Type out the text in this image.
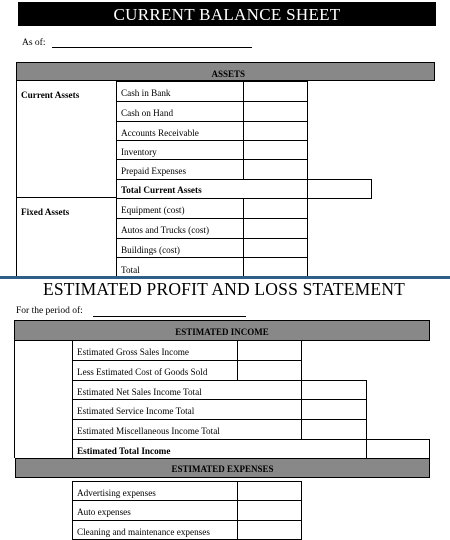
CURRENT BALANCE SHEET
As of:
ASSETS
Current Assets
Fixed Assets
Cash in Bank
Cash on Hand
Accounts Receivable
Inventory
Prepaid Expenses
Total Current Assets
Equipment (cost)
Autos and Trucks (cost)
Buildings (cost)
Total
ESTIMATED PROFIT AND LOSS STATEMENT
For the period of:
ESTIMATED INCOME
Estimated Gross Sales Income
Less Estimated Cost of Goods Sold
Estimated Net Sales Income Total
Estimated Service Income Total
Estimated Miscellaneous Income Total
Estimated Total Income
ESTIMATED EXPENSES
Advertising expenses
Auto expenses
Cleaning and maintenance expenses
